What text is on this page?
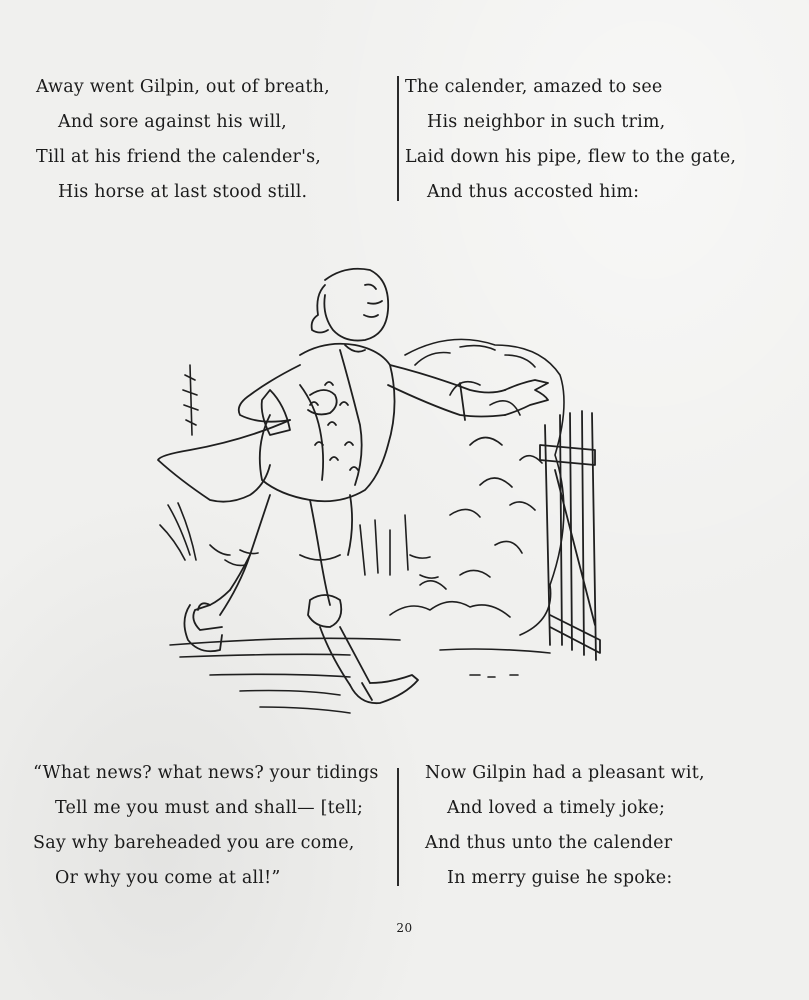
Away went Gilpin, out of breath,
And sore against his will,
Till at his friend the calender's,
His horse at last stood still.
The calender, amazed to see
His neighbor in such trim,
Laid down his pipe, flew to the gate,
And thus accosted him:
“What news? what news? your tidings
Tell me you must and shall— [tell;
Say why bareheaded you are come,
Or why you come at all!”
Now Gilpin had a pleasant wit,
And loved a timely joke;
And thus unto the calender
In merry guise he spoke:
20
